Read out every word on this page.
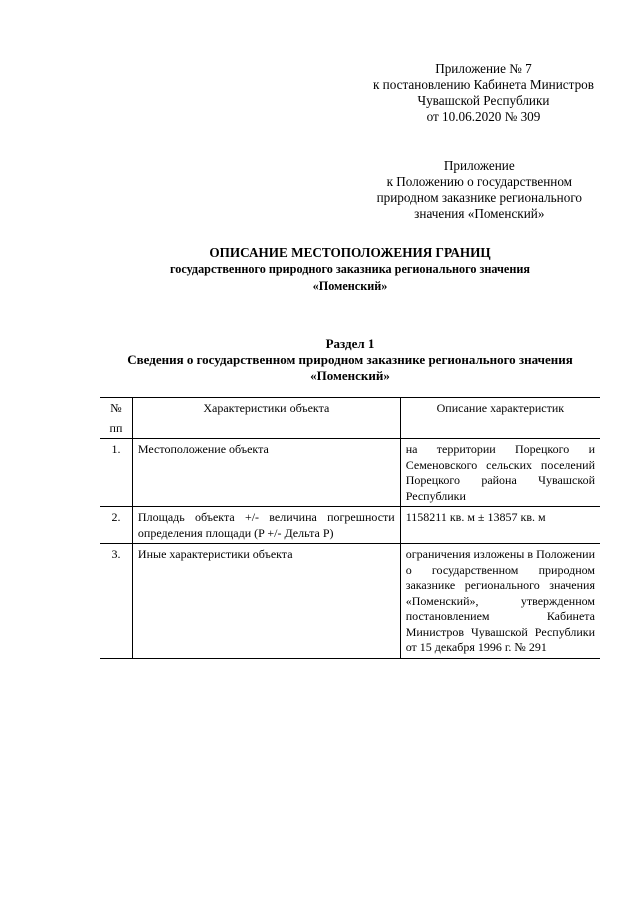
Приложение № 7
к постановлению Кабинета Министров
Чувашской Республики
от 10.06.2020 № 309
Приложение
к Положению о государственном
природном заказнике регионального
значения «Поменский»
ОПИСАНИЕ МЕСТОПОЛОЖЕНИЯ ГРАНИЦ
государственного природного заказника регионального значения
«Поменский»
Раздел 1
Сведения о государственном природном заказнике регионального значения
«Поменский»
№
пп	Характеристики объекта	Описание характеристик
1.	Местоположение объекта	на территории Порецкого и Семеновского сельских поселений Порецкого района Чувашской Республики
2.	Площадь объекта +/- величина погрешности определения площади (P +/- Дельта P)	1158211 кв. м ± 13857 кв. м
3.	Иные характеристики объекта	ограничения изложены в Положении о государственном природном заказнике регионального значения «Поменский», утвержденном постановлением Кабинета Министров Чувашской Республики от 15 декабря 1996 г. № 291
